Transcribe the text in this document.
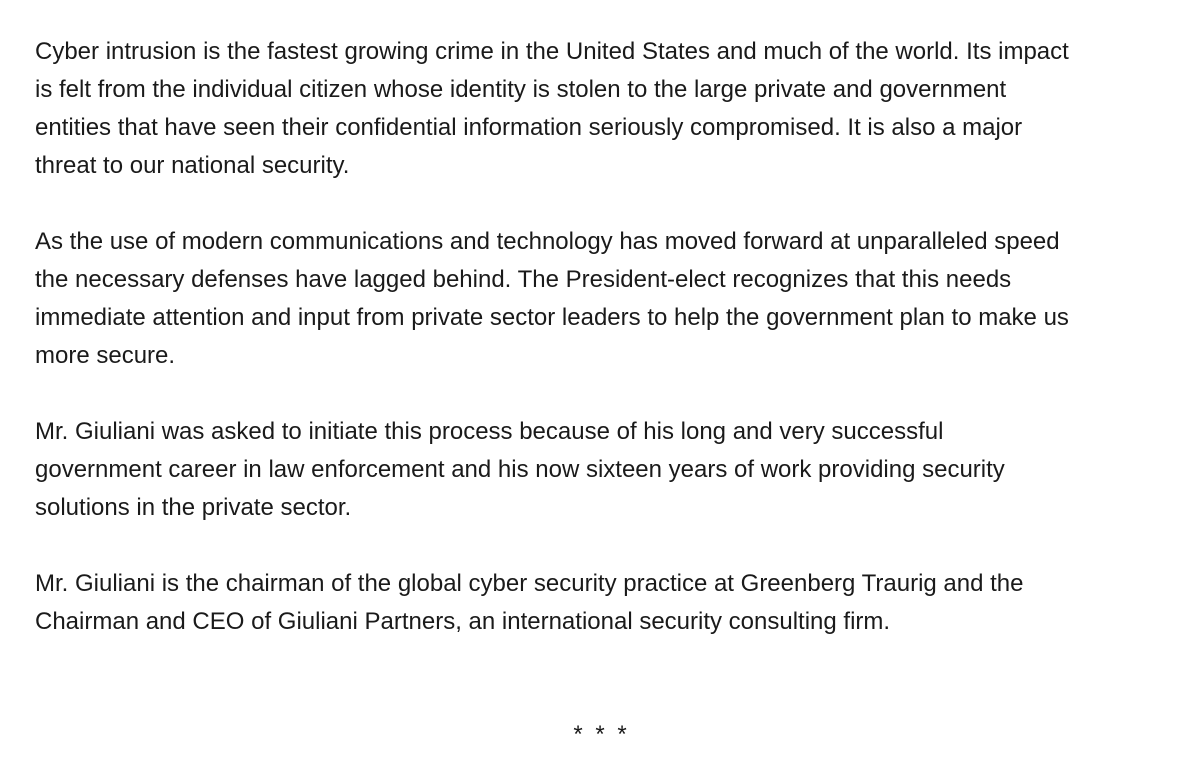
Cyber intrusion is the fastest growing crime in the United States and much of the world. Its impact
is felt from the individual citizen whose identity is stolen to the large private and government
entities that have seen their confidential information seriously compromised. It is also a major
threat to our national security.

As the use of modern communications and technology has moved forward at unparalleled speed
the necessary defenses have lagged behind. The President-elect recognizes that this needs
immediate attention and input from private sector leaders to help the government plan to make us
more secure.

Mr. Giuliani was asked to initiate this process because of his long and very successful
government career in law enforcement and his now sixteen years of work providing security
solutions in the private sector.

Mr. Giuliani is the chairman of the global cyber security practice at Greenberg Traurig and the
Chairman and CEO of Giuliani Partners, an international security consulting firm.

* * *
